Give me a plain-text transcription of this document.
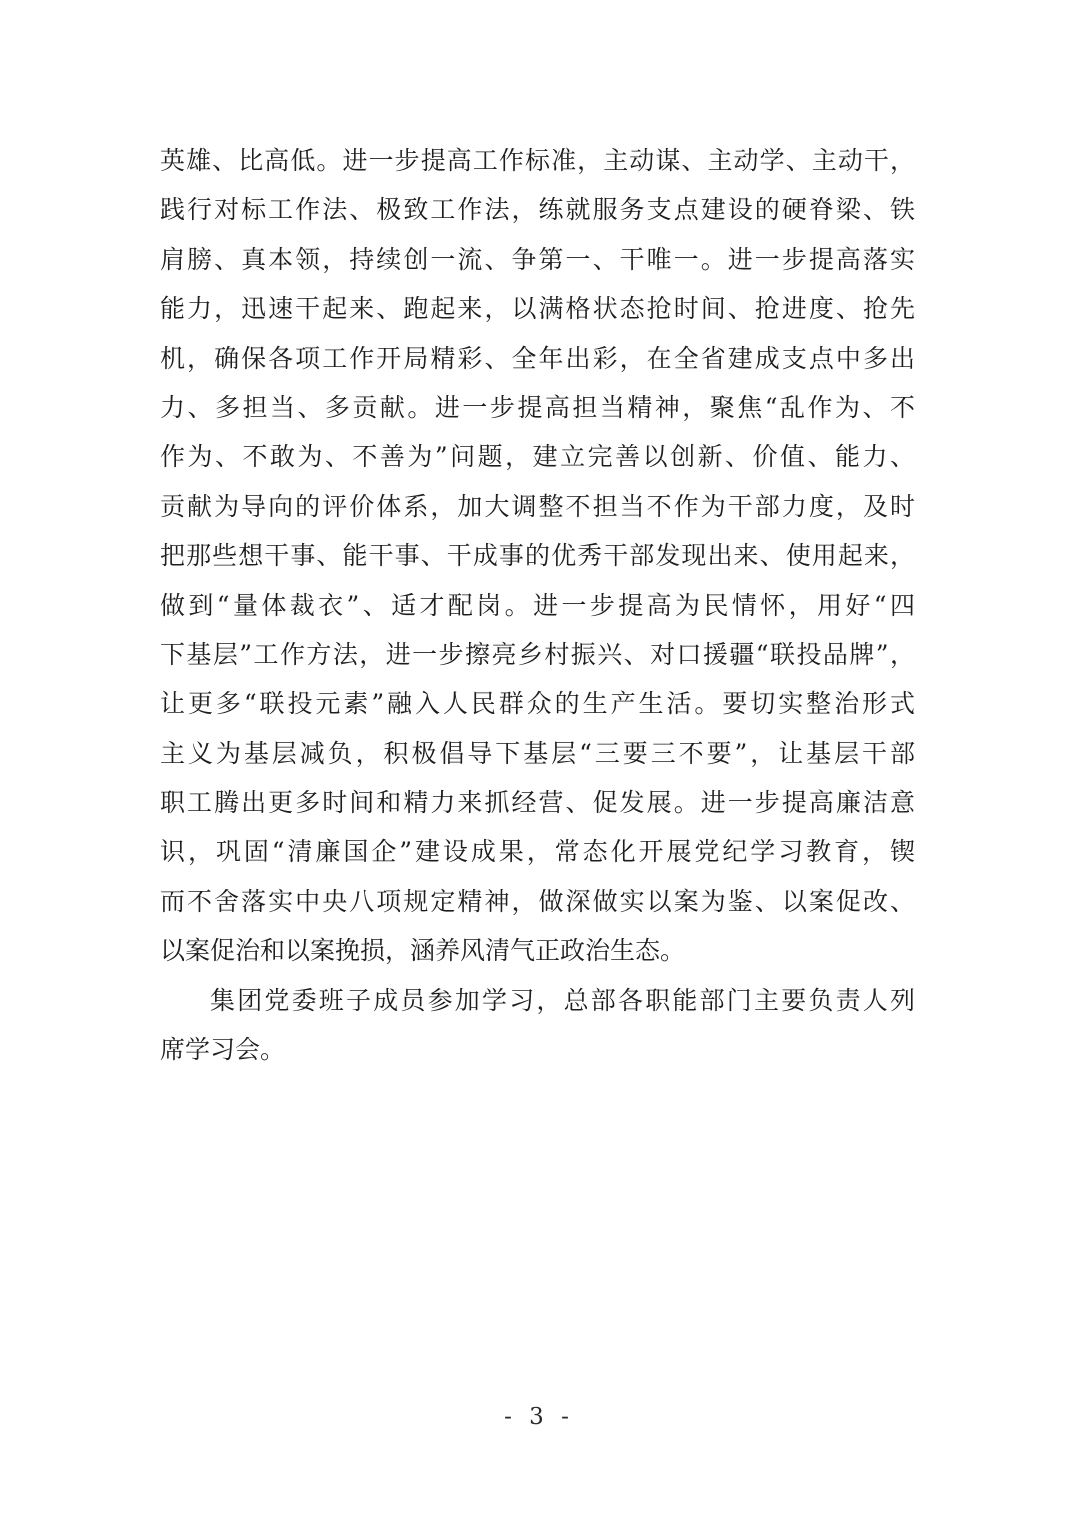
英雄、比高低。进一步提高工作标准，主动谋、主动学、主动干，
践行对标工作法、极致工作法，练就服务支点建设的硬脊梁、铁
肩膀、真本领，持续创一流、争第一、干唯一。进一步提高落实
能力，迅速干起来、跑起来，以满格状态抢时间、抢进度、抢先
机，确保各项工作开局精彩、全年出彩，在全省建成支点中多出
力、多担当、多贡献。进一步提高担当精神，聚焦“乱作为、不
作为、不敢为、不善为”问题，建立完善以创新、价值、能力、
贡献为导向的评价体系，加大调整不担当不作为干部力度，及时
把那些想干事、能干事、干成事的优秀干部发现出来、使用起来，
做到“量体裁衣”、适才配岗。进一步提高为民情怀，用好“四
下基层”工作方法，进一步擦亮乡村振兴、对口援疆“联投品牌”，
让更多“联投元素”融入人民群众的生产生活。要切实整治形式
主义为基层减负，积极倡导下基层“三要三不要”，让基层干部
职工腾出更多时间和精力来抓经营、促发展。进一步提高廉洁意
识，巩固“清廉国企”建设成果，常态化开展党纪学习教育，锲
而不舍落实中央八项规定精神，做深做实以案为鉴、以案促改、
以案促治和以案挽损，涵养风清气正政治生态。
集团党委班子成员参加学习，总部各职能部门主要负责人列
席学习会。
- 3 -
